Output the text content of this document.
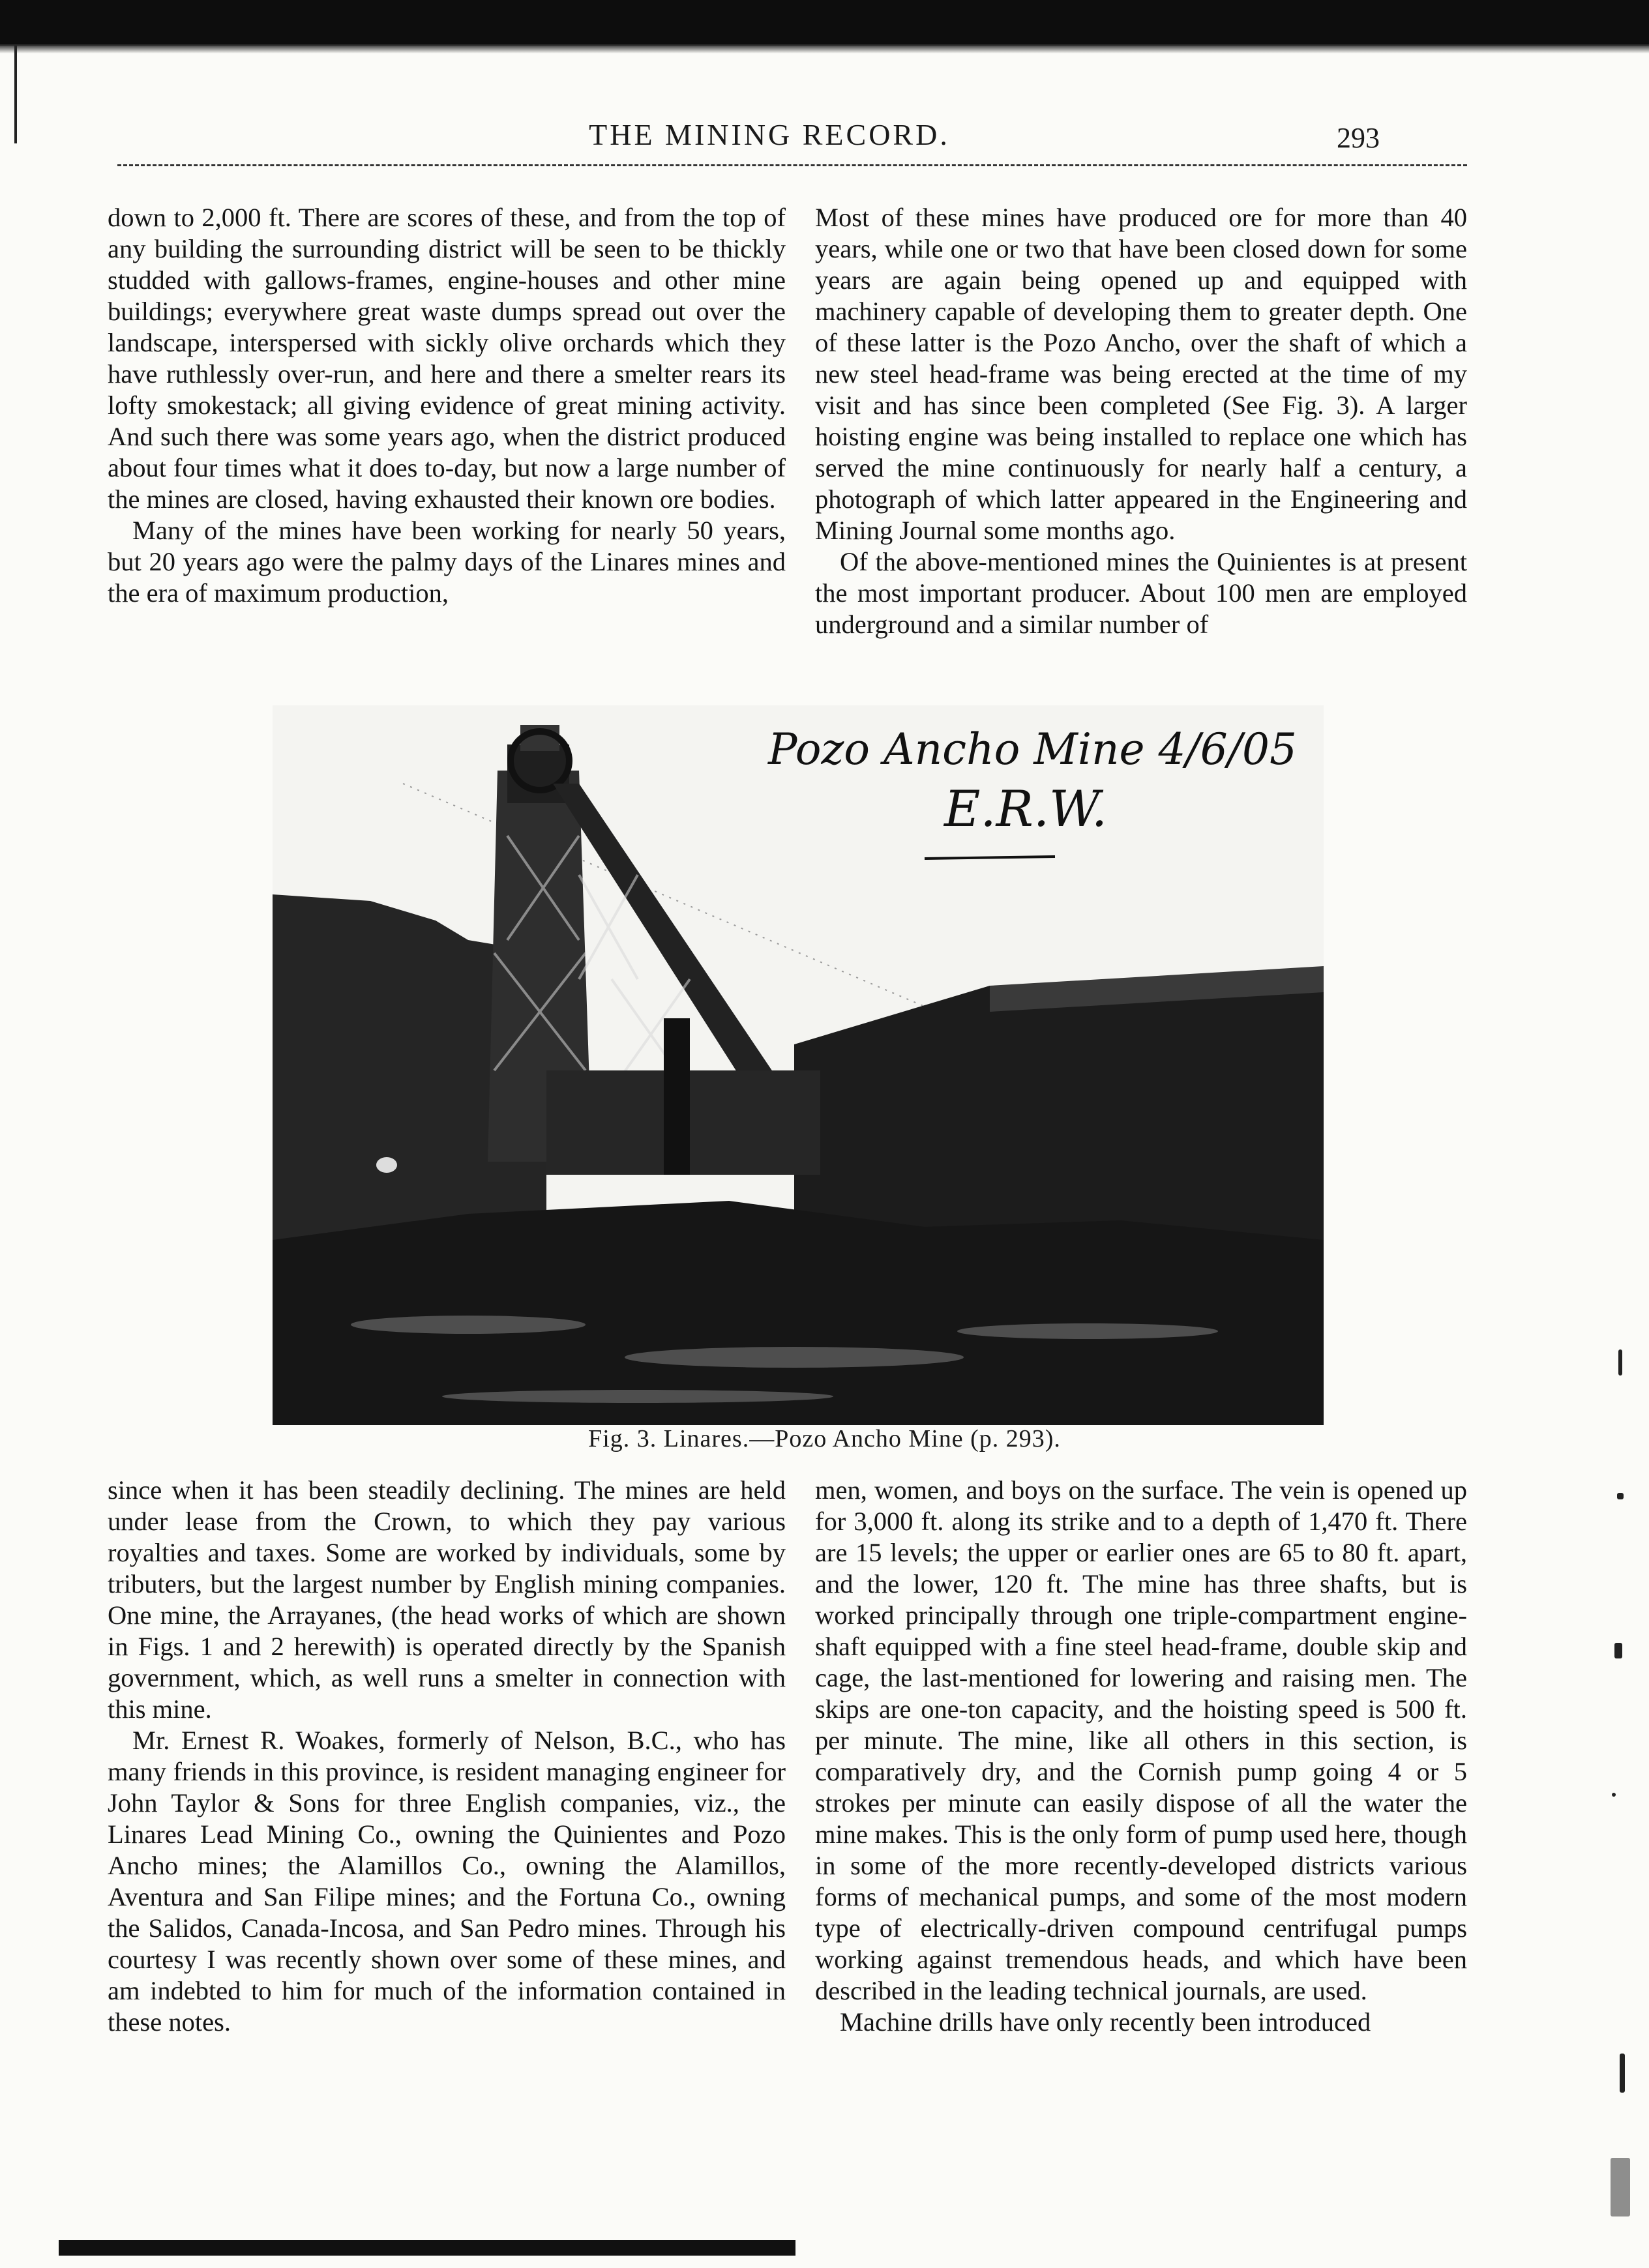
THE MINING RECORD.	293

down to 2,000 ft. There are scores of these, and from the top of any building the surrounding district will be seen to be thickly studded with gallows-frames, engine-houses and other mine buildings; everywhere great waste dumps spread out over the landscape, interspersed with sickly olive orchards which they have ruthlessly over-run, and here and there a smelter rears its lofty smokestack; all giving evidence of great mining activity. And such there was some years ago, when the district produced about four times what it does to-day, but now a large number of the mines are closed, having exhausted their known ore bodies.

Many of the mines have been working for nearly 50 years, but 20 years ago were the palmy days of the Linares mines and the era of maximum production,

Most of these mines have produced ore for more than 40 years, while one or two that have been closed down for some years are again being opened up and equipped with machinery capable of developing them to greater depth. One of these latter is the Pozo Ancho, over the shaft of which a new steel head-frame was being erected at the time of my visit and has since been completed (See Fig. 3). A larger hoisting engine was being installed to replace one which has served the mine continuously for nearly half a century, a photograph of which latter appeared in the Engineering and Mining Journal some months ago.

Of the above-mentioned mines the Quinientes is at present the most important producer. About 100 men are employed underground and a similar number of

Pozo Ancho Mine 4/6/05
E.R.W.
Fig. 3. Linares.—Pozo Ancho Mine (p. 293).

since when it has been steadily declining. The mines are held under lease from the Crown, to which they pay various royalties and taxes. Some are worked by individuals, some by tributers, but the largest number by English mining companies. One mine, the Arrayanes, (the head works of which are shown in Figs. 1 and 2 herewith) is operated directly by the Spanish government, which, as well runs a smelter in connection with this mine.

Mr. Ernest R. Woakes, formerly of Nelson, B.C., who has many friends in this province, is resident managing engineer for John Taylor & Sons for three English companies, viz., the Linares Lead Mining Co., owning the Quinientes and Pozo Ancho mines; the Alamillos Co., owning the Alamillos, Aventura and San Filipe mines; and the Fortuna Co., owning the Salidos, Canada-Incosa, and San Pedro mines. Through his courtesy I was recently shown over some of these mines, and am indebted to him for much of the information contained in these notes.

men, women, and boys on the surface. The vein is opened up for 3,000 ft. along its strike and to a depth of 1,470 ft. There are 15 levels; the upper or earlier ones are 65 to 80 ft. apart, and the lower, 120 ft. The mine has three shafts, but is worked principally through one triple-compartment engine-shaft equipped with a fine steel head-frame, double skip and cage, the last-mentioned for lowering and raising men. The skips are one-ton capacity, and the hoisting speed is 500 ft. per minute. The mine, like all others in this section, is comparatively dry, and the Cornish pump going 4 or 5 strokes per minute can easily dispose of all the water the mine makes. This is the only form of pump used here, though in some of the more recently-developed districts various forms of mechanical pumps, and some of the most modern type of electrically-driven compound centrifugal pumps working against tremendous heads, and which have been described in the leading technical journals, are used.

Machine drills have only recently been introduced
